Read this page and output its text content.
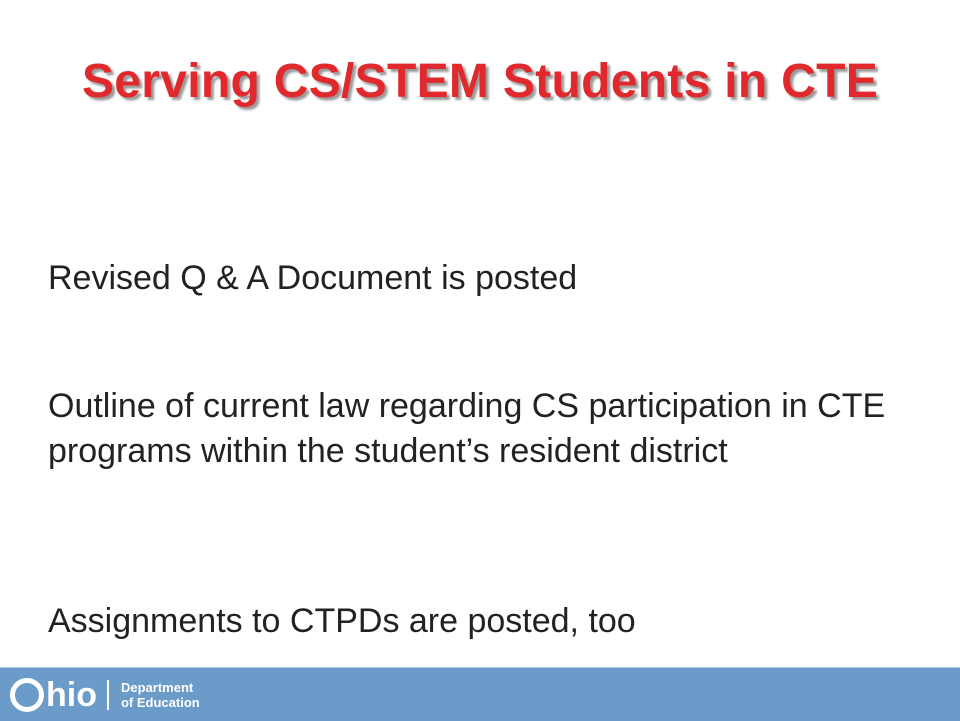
Serving CS/STEM Students in CTE

Revised Q & A Document is posted

Outline of current law regarding CS participation in CTE programs within the student’s resident district

Assignments to CTPDs are posted, too

hio Department
of Education
